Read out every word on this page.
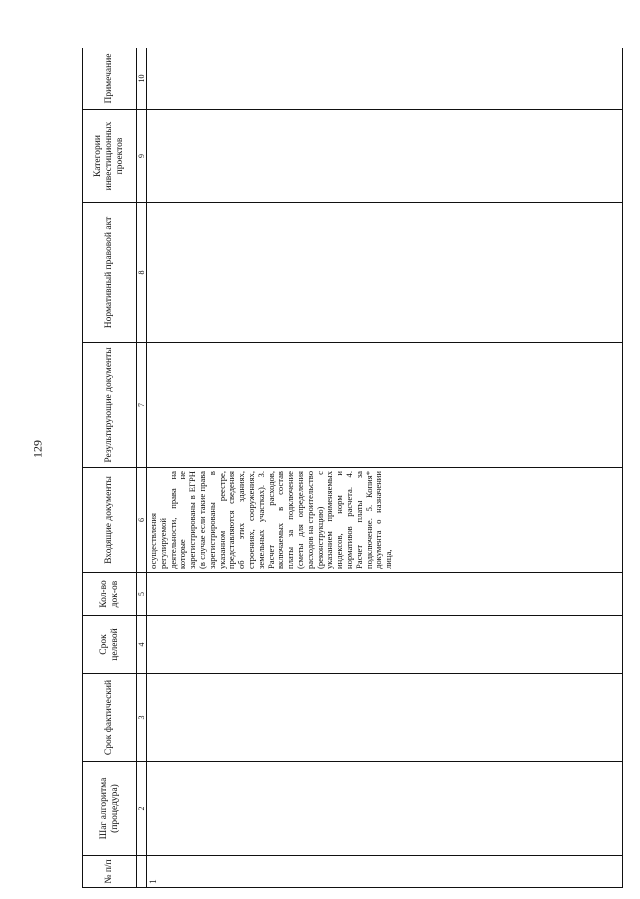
129
№ п/п	Шаг алгоритма (процедура)	Срок фактический	Срок целевой	Кол-во док-ов	Входящие документы	Результирующие документы	Нормативный правовой акт	Категории инвестиционных проектов	Примечание
	2	3	4	5	6	7	8	9	10
1					осуществления регулируемой деятельности, права на которые не зарегистрированы в ЕГРН (в случае если такие права зарегистрированы в указанном реестре, представляются сведения об этих зданиях, строениях, сооружениях, земельных участках). 3. Расчет расходов, включаемых в состав платы за подключение (сметы для определения расходов на строительство (реконструкцию) с указанием применяемых индексов, норм и нормативов расчета. 4. Расчет платы за подключение. 5. Копия* документа о назначении лица,				
